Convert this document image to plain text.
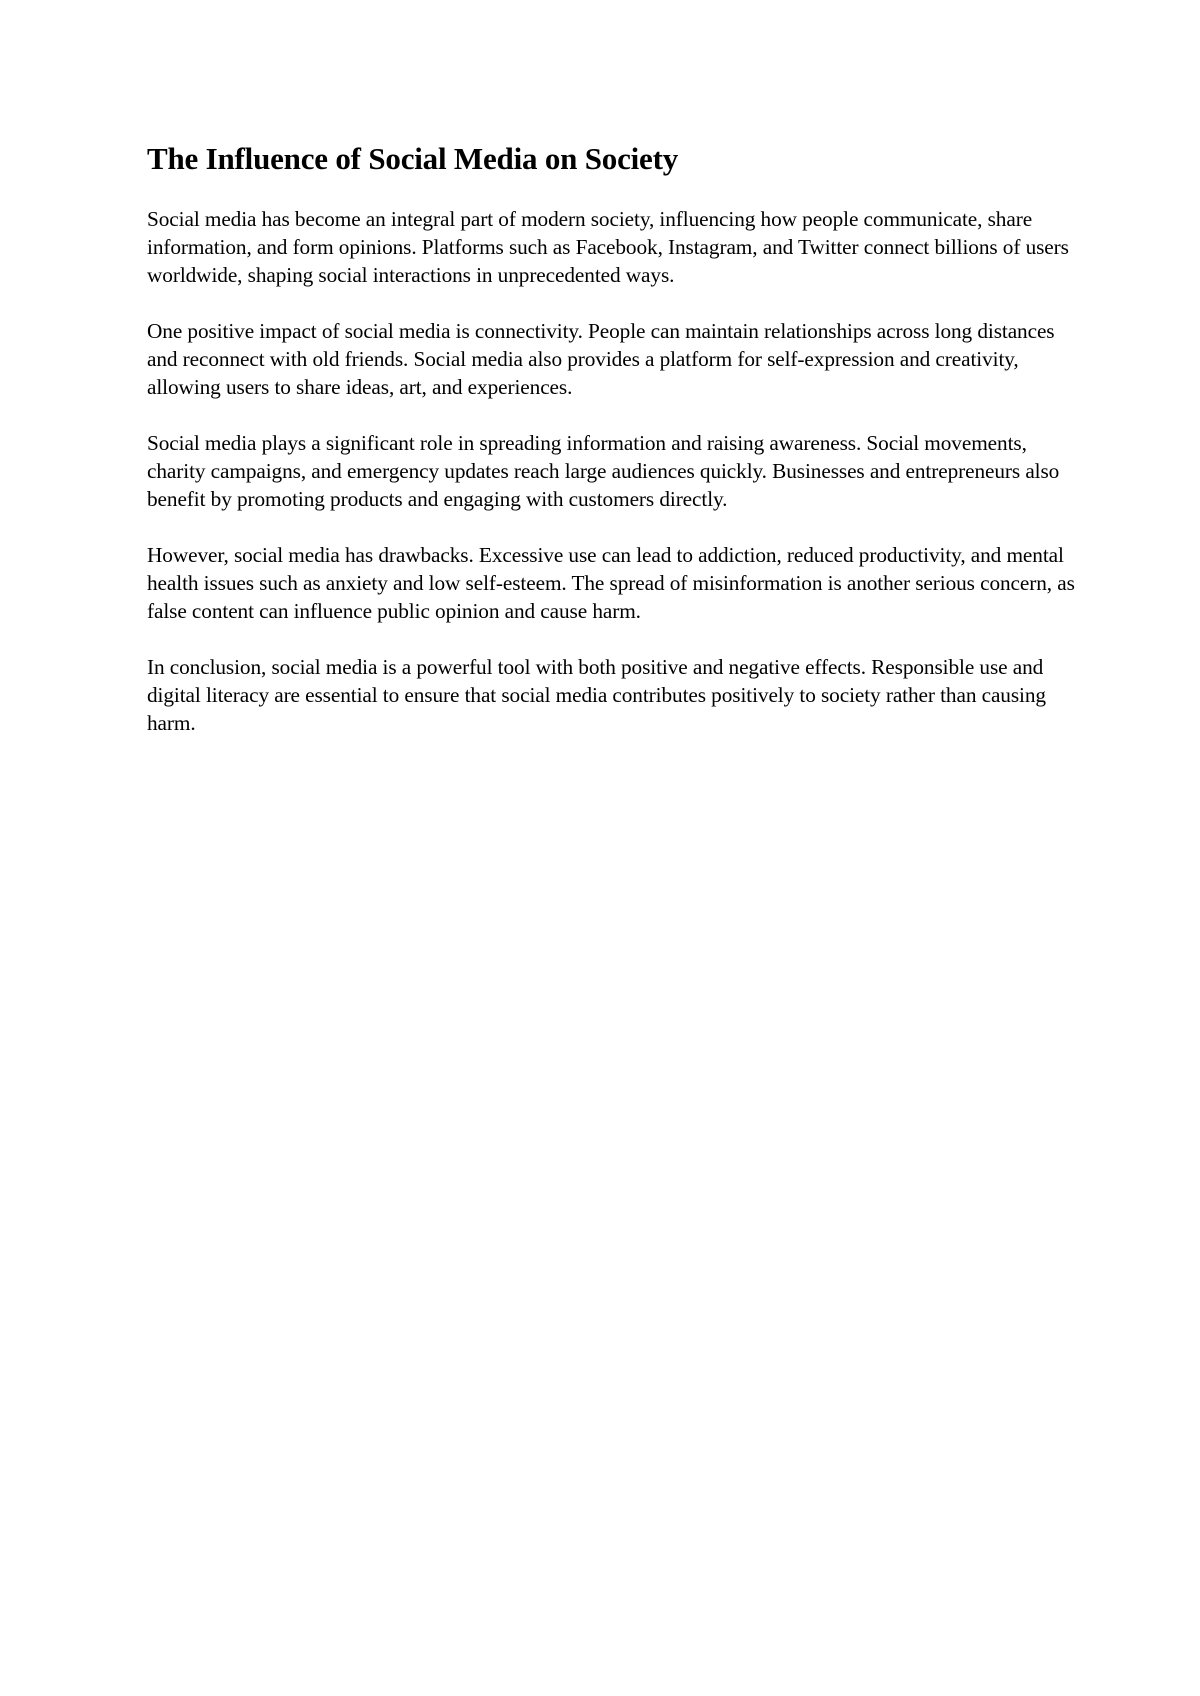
The Influence of Social Media on Society

Social media has become an integral part of modern society, influencing how people communicate, share information, and form opinions. Platforms such as Facebook, Instagram, and Twitter connect billions of users worldwide, shaping social interactions in unprecedented ways.

One positive impact of social media is connectivity. People can maintain relationships across long distances and reconnect with old friends. Social media also provides a platform for self-expression and creativity, allowing users to share ideas, art, and experiences.

Social media plays a significant role in spreading information and raising awareness. Social movements, charity campaigns, and emergency updates reach large audiences quickly. Businesses and entrepreneurs also benefit by promoting products and engaging with customers directly.

However, social media has drawbacks. Excessive use can lead to addiction, reduced productivity, and mental health issues such as anxiety and low self-esteem. The spread of misinformation is another serious concern, as false content can influence public opinion and cause harm.

In conclusion, social media is a powerful tool with both positive and negative effects. Responsible use and digital literacy are essential to ensure that social media contributes positively to society rather than causing harm.
